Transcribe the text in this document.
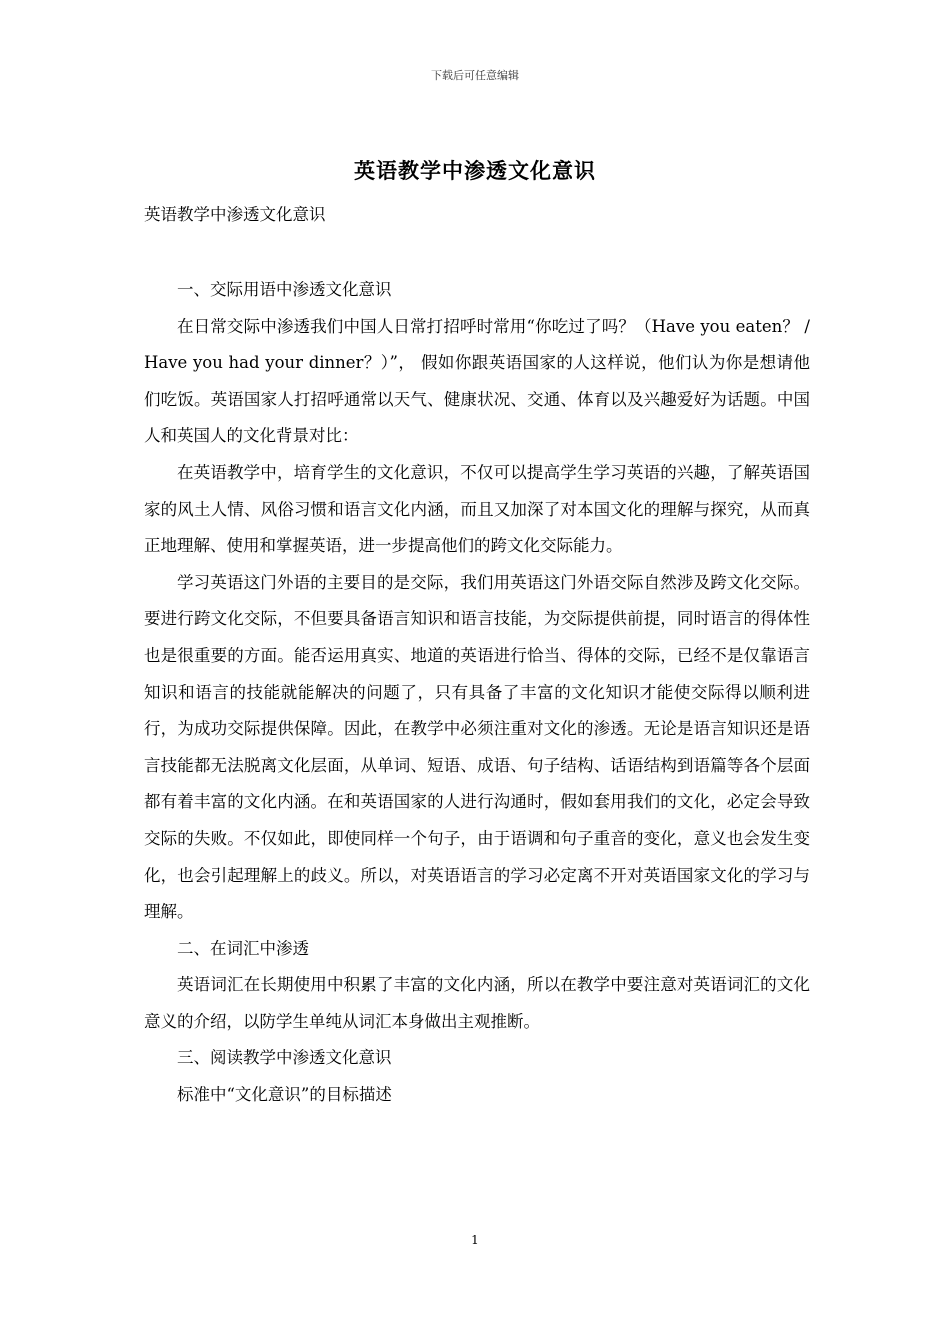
下载后可任意编辑
英语教学中渗透文化意识
英语教学中渗透文化意识

一、交际用语中渗透文化意识

在日常交际中渗透我们中国人日常打招呼时常用“你吃过了吗？（Have you eaten？ / Have you had your dinner？）”， 假如你跟英语国家的人这样说，他们认为你是想请他们吃饭。英语国家人打招呼通常以天气、健康状况、交通、体育以及兴趣爱好为话题。中国人和英国人的文化背景对比：

在英语教学中，培育学生的文化意识，不仅可以提高学生学习英语的兴趣，了解英语国家的风土人情、风俗习惯和语言文化内涵，而且又加深了对本国文化的理解与探究，从而真正地理解、使用和掌握英语，进一步提高他们的跨文化交际能力。

学习英语这门外语的主要目的是交际，我们用英语这门外语交际自然涉及跨文化交际。要进行跨文化交际，不但要具备语言知识和语言技能，为交际提供前提，同时语言的得体性也是很重要的方面。能否运用真实、地道的英语进行恰当、得体的交际，已经不是仅靠语言知识和语言的技能就能解决的问题了，只有具备了丰富的文化知识才能使交际得以顺利进行，为成功交际提供保障。因此，在教学中必须注重对文化的渗透。无论是语言知识还是语言技能都无法脱离文化层面，从单词、短语、成语、句子结构、话语结构到语篇等各个层面都有着丰富的文化内涵。在和英语国家的人进行沟通时，假如套用我们的文化，必定会导致交际的失败。不仅如此，即使同样一个句子，由于语调和句子重音的变化，意义也会发生变化，也会引起理解上的歧义。所以，对英语语言的学习必定离不开对英语国家文化的学习与理解。

二、在词汇中渗透

英语词汇在长期使用中积累了丰富的文化内涵，所以在教学中要注意对英语词汇的文化意义的介绍，以防学生单纯从词汇本身做出主观推断。

三、阅读教学中渗透文化意识

标准中“文化意识”的目标描述

1
